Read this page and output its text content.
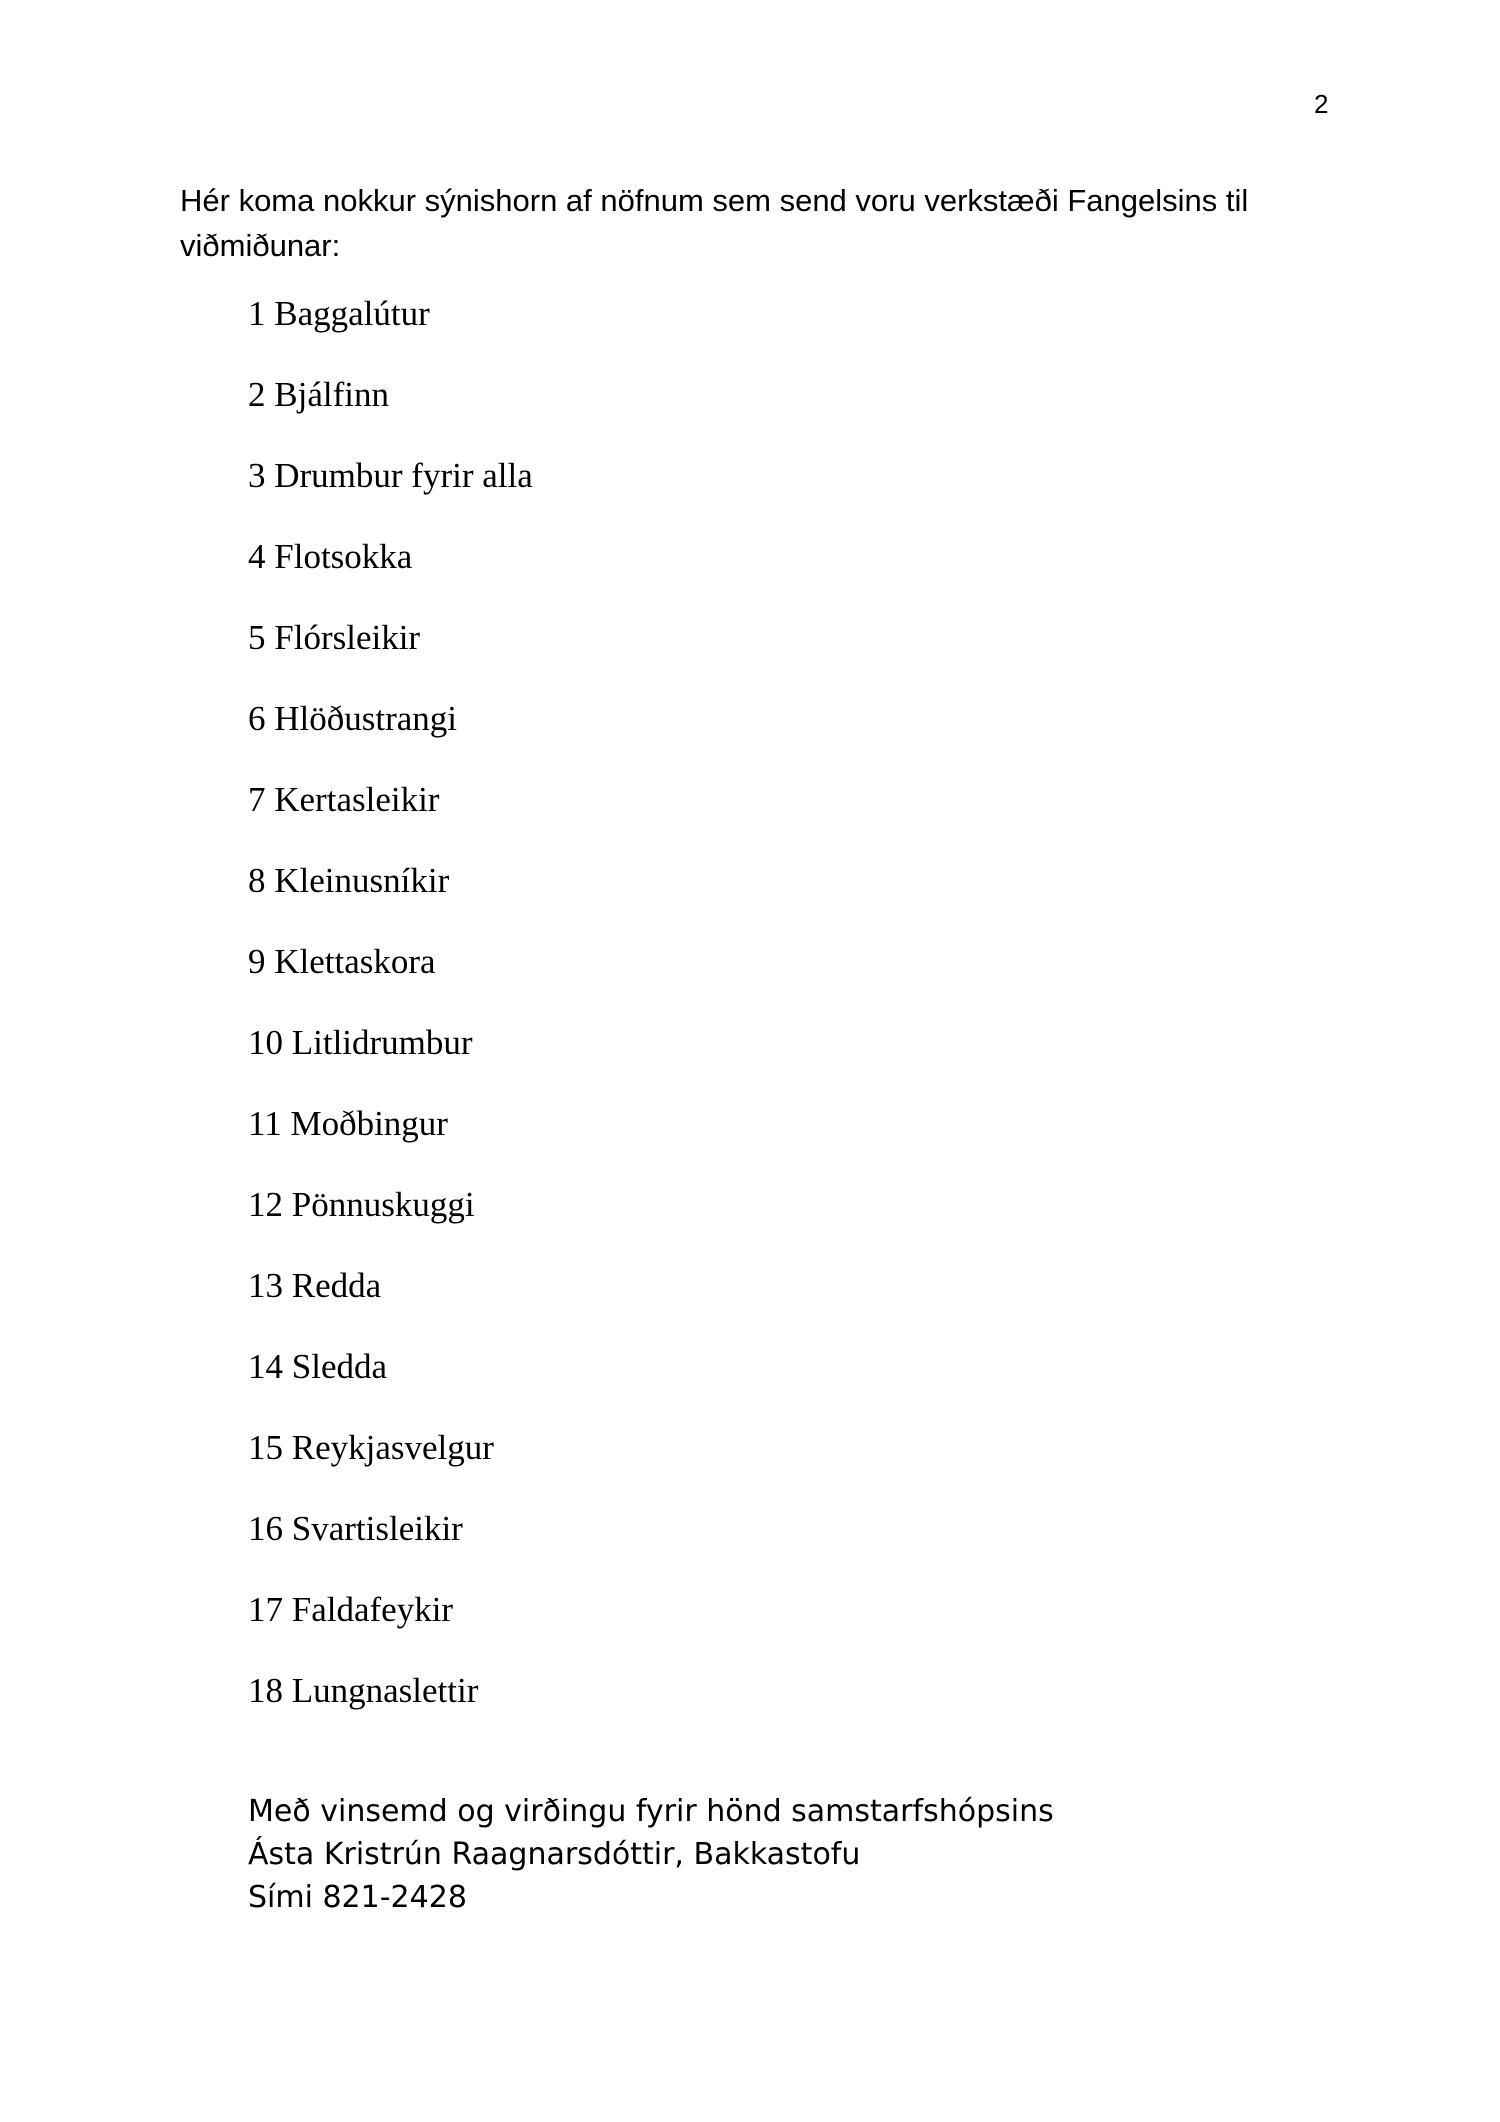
2
Hér koma nokkur sýnishorn af nöfnum sem send voru verkstæði Fangelsins til viðmiðunar:
1 Baggalútur
2 Bjálfinn
3 Drumbur fyrir alla
4 Flotsokka
5 Flórsleikir
6 Hlöðustrangi
7 Kertasleikir
8 Kleinusníkir
9 Klettaskora
10 Litlidrumbur
11 Moðbingur
12 Pönnuskuggi
13 Redda
14 Sledda
15 Reykjasvelgur
16 Svartisleikir
17 Faldafeykir
18 Lungnaslettir
Með vinsemd og virðingu fyrir hönd samstarfshópsins
Ásta Kristrún Raagnarsdóttir, Bakkastofu
Sími 821-2428
